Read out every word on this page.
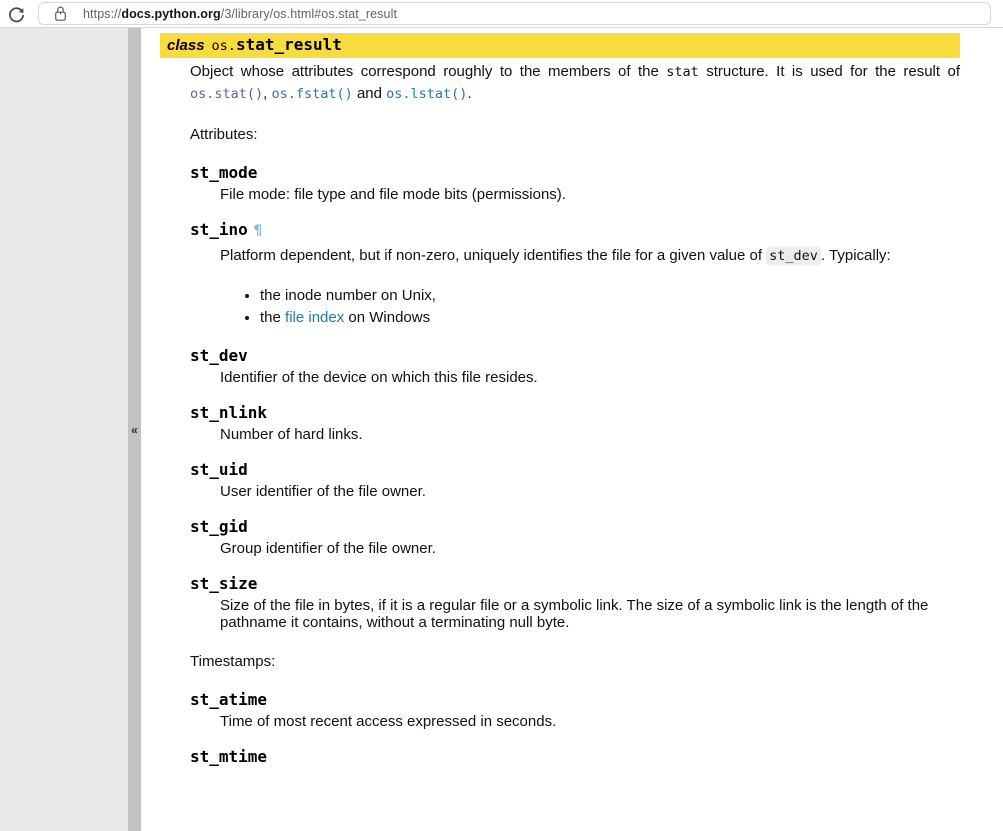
https://docs.python.org/3/library/os.html#os.stat_result
«
class os.stat_result

Object whose attributes correspond roughly to the members of the stat structure. It is used for the result of os.stat(), os.fstat() and os.lstat().

Attributes:

st_mode
File mode: file type and file mode bits (permissions).
st_ino ¶

Platform dependent, but if non-zero, uniquely identifies the file for a given value of st_dev . Typically:

• the inode number on Unix,
• the file index on Windows
st_dev
Identifier of the device on which this file resides.
st_nlink
Number of hard links.
st_uid
User identifier of the file owner.
st_gid
Group identifier of the file owner.
st_size
Size of the file in bytes, if it is a regular file or a symbolic link. The size of a symbolic link is the length of the pathname it contains, without a terminating null byte.

Timestamps:

st_atime
Time of most recent access expressed in seconds.
st_mtime
